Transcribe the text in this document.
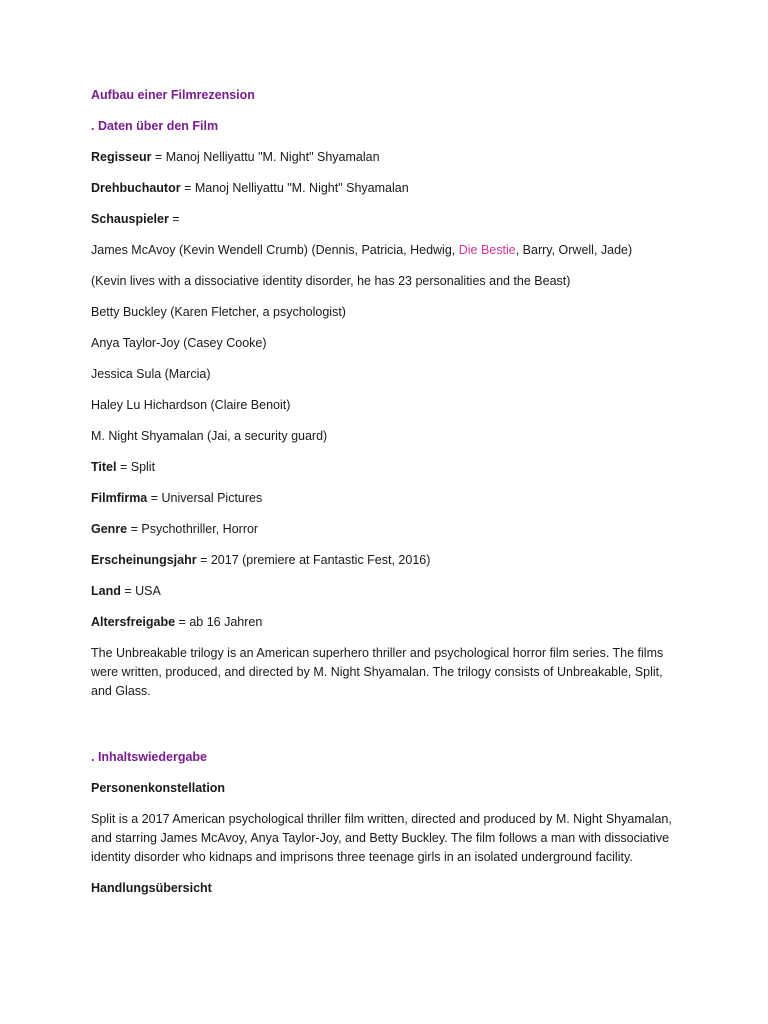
Aufbau einer Filmrezension

. Daten über den Film

Regisseur = Manoj Nelliyattu "M. Night" Shyamalan

Drehbuchautor = Manoj Nelliyattu "M. Night" Shyamalan

Schauspieler =

James McAvoy (Kevin Wendell Crumb) (Dennis, Patricia, Hedwig, Die Bestie, Barry, Orwell, Jade)

(Kevin lives with a dissociative identity disorder, he has 23 personalities and the Beast)

Betty Buckley (Karen Fletcher, a psychologist)

Anya Taylor-Joy (Casey Cooke)

Jessica Sula (Marcia)

Haley Lu Hichardson (Claire Benoit)

M. Night Shyamalan (Jai, a security guard)

Titel = Split

Filmfirma = Universal Pictures

Genre = Psychothriller, Horror

Erscheinungsjahr = 2017 (premiere at Fantastic Fest, 2016)

Land = USA

Altersfreigabe = ab 16 Jahren

The Unbreakable trilogy is an American superhero thriller and psychological horror film series. The films were written, produced, and directed by M. Night Shyamalan. The trilogy consists of Unbreakable, Split, and Glass.

. Inhaltswiedergabe

Personenkonstellation

Split is a 2017 American psychological thriller film written, directed and produced by M. Night Shyamalan, and starring James McAvoy, Anya Taylor-Joy, and Betty Buckley. The film follows a man with dissociative identity disorder who kidnaps and imprisons three teenage girls in an isolated underground facility.

Handlungsübersicht
